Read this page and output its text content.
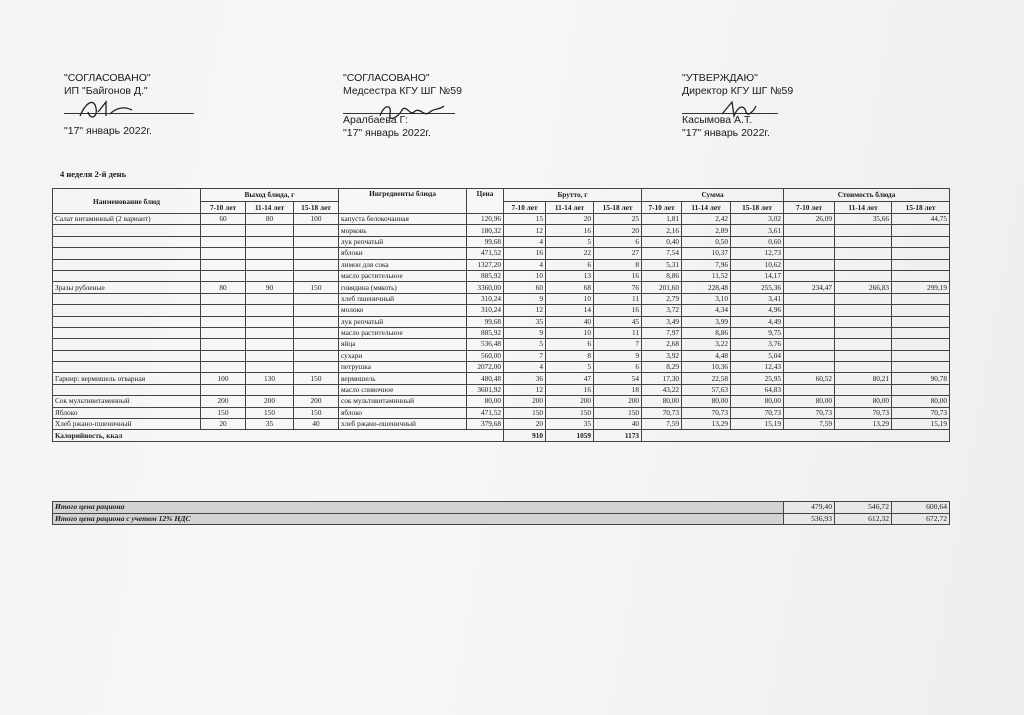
"СОГЛАСОВАНО"
ИП "Байгонов Д."
"17" январь 2022г.
"СОГЛАСОВАНО"
Медсестра КГУ ШГ №59
Аралбаева Г:
"17" январь 2022г.
"УТВЕРЖДАЮ"
Директор КГУ ШГ №59
Касымова А.Т.
"17" январь 2022г.
4 неделя 2-й день
Наименование блюд	Выход блюда, г			Ингредиенты блюда	Цена	Брутто, г			Сумма			Стоимость блюда		
	7-10 лет	11-14 лет	15-18 лет			7-10 лет	11-14 лет	15-18 лет	7-10 лет	11-14 лет	15-18 лет	7-10 лет	11-14 лет	15-18 лет
Салат витаминный (2 вариант)	60	80	100	капуста белокочанная	120,96	15	20	25	1,81	2,42	3,02	26,09	35,66	44,75
				морковь	180,32	12	16	20	2,16	2,89	3,61			
				лук репчатый	99,68	4	5	6	0,40	0,50	0,60			
				яблоки	471,52	16	22	27	7,54	10,37	12,73			
				лимон для сока	1327,20	4	6	8	5,31	7,96	10,62			
				масло растительное	885,92	10	13	16	8,86	11,52	14,17			
Зразы рубленые	80	90	150	говядина (мякоть)	3360,00	60	68	76	201,60	228,48	255,36	234,47	266,83	299,19
				хлеб пшеничный	310,24	9	10	11	2,79	3,10	3,41			
				молоко	310,24	12	14	16	3,72	4,34	4,96			
				лук репчатый	99,68	35	40	45	3,49	3,99	4,49			
				масло растительное	885,92	9	10	11	7,97	8,86	9,75			
				яйца	536,48	5	6	7	2,68	3,22	3,76			
				сухари	560,00	7	8	9	3,92	4,48	5,04			
				петрушка	2072,00	4	5	6	8,29	10,36	12,43			
Гарнир: вермишель отварная	100	130	150	вермишель	480,48	36	47	54	17,30	22,58	25,95	60,52	80,21	90,78
				масло сливочное	3601,92	12	16	18	43,22	57,63	64,83			
Сок мультивитаминный	200	200	200	сок мультивитаминный	80,00	200	200	200	80,00	80,00	80,00	80,00	80,00	80,00
Яблоко	150	150	150	яблоко	471,52	150	150	150	70,73	70,73	70,73	70,73	70,73	70,73
Хлеб ржано-пшеничный	20	35	40	хлеб ржано-пшеничный	379,68	20	35	40	7,59	13,29	15,19	7,59	13,29	15,19
Калорийность, ккал						910	1059	1173						
Итого цена рациона	479,40	546,72	600,64
Итого цена рациона с учетом 12% НДС	536,93	612,32	672,72
